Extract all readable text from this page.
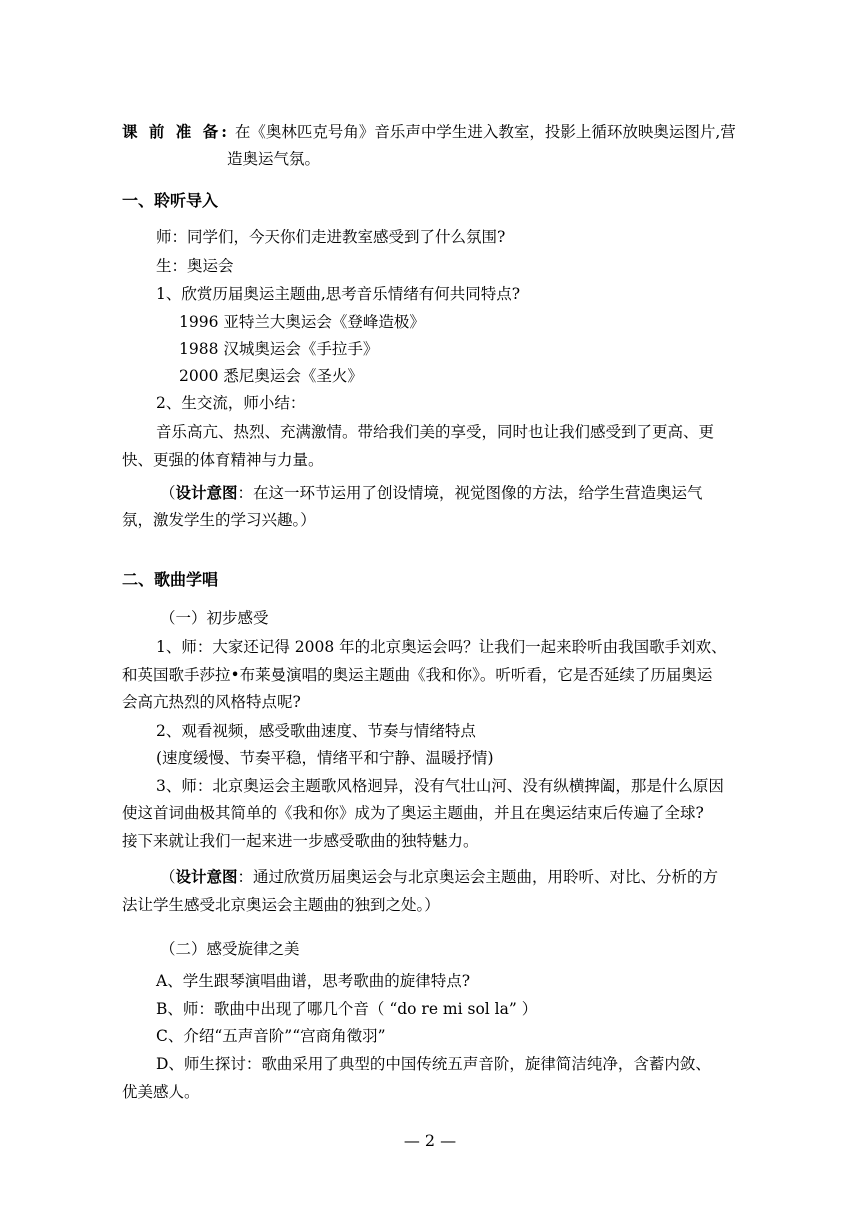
课 前 准 备: 在《奥林匹克号角》音乐声中学生进入教室，投影上循环放映奥运图片,营
造奥运气氛。
一、聆听导入
师：同学们，今天你们走进教室感受到了什么氛围?
生：奥运会
1、欣赏历届奥运主题曲,思考音乐情绪有何共同特点?
1996 亚特兰大奥运会《登峰造极》
1988 汉城奥运会《手拉手》
2000 悉尼奥运会《圣火》
2、生交流，师小结：
音乐高亢、热烈、充满激情。带给我们美的享受，同时也让我们感受到了更高、更
快、更强的体育精神与力量。
（设计意图：在这一环节运用了创设情境，视觉图像的方法，给学生营造奥运气
氛，激发学生的学习兴趣。）
二、歌曲学唱
（一）初步感受
1、师：大家还记得 2008 年的北京奥运会吗？让我们一起来聆听由我国歌手刘欢、
和英国歌手莎拉•布莱曼演唱的奥运主题曲《我和你》。听听看，它是否延续了历届奥运
会高亢热烈的风格特点呢?
2、观看视频，感受歌曲速度、节奏与情绪特点
(速度缓慢、节奏平稳，情绪平和宁静、温暖抒情)
3、师：北京奥运会主题歌风格迥异，没有气壮山河、没有纵横捭阖，那是什么原因
使这首词曲极其简单的《我和你》成为了奥运主题曲，并且在奥运结束后传遍了全球?
接下来就让我们一起来进一步感受歌曲的独特魅力。
（设计意图：通过欣赏历届奥运会与北京奥运会主题曲，用聆听、对比、分析的方
法让学生感受北京奥运会主题曲的独到之处。）
（二）感受旋律之美
A、学生跟琴演唱曲谱，思考歌曲的旋律特点?
B、师：歌曲中出现了哪几个音（ “do re mi sol la” ）
C、介绍“五声音阶”“宫商角徵羽”
D、师生探讨：歌曲采用了典型的中国传统五声音阶，旋律简洁纯净，含蓄内敛、
优美感人。
— 2 —
